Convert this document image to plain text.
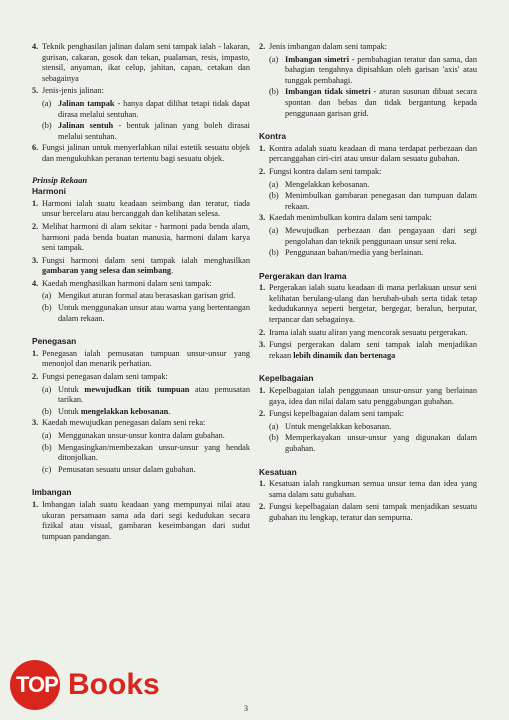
4. Teknik penghasilan jalinan dalam seni tampak ialah - lakaran, gurisan, cakaran, gosok dan tekan, pualaman, resis, impasto, stensil, anyaman, ikat celup, jahitan, capan, cetakan dan sebagainya
5. Jenis-jenis jalinan:
(a) Jalinan tampak - hanya dapat dilihat tetapi tidak dapat dirasa melalui sentuhan.
(b) Jalinan sentuh - bentuk jalinan yang boleh dirasai melalui sentuhan.
6. Fungsi jalinan untuk menyerlahkan nilai estetik sesuatu objek dan mengukuhkan peranan tertentu bagi sesuatu objek.
Prinsip Rekaan
Harmoni
1. Harmoni ialah suatu keadaan seimbang dan teratur, tiada unsur bercelaru atau bercanggah dan kelihatan selesa.
2. Melihat harmoni di alam sekitar - harmoni pada benda alam, harmoni pada benda buatan manusia, harmoni dalam karya seni tampak.
3. Fungsi harmoni dalam seni tampak ialah menghasilkan gambaran yang selesa dan seimbang.
4. Kaedah menghasilkan harmoni dalam seni tampak:
(a) Mengikut aturan formal atau berasaskan garisan grid.
(b) Untuk menggunakan unsur atau warna yang bertentangan dalam rekaan.
Penegasan
1. Penegasan ialah pemusatan tumpuan unsur-unsur yang menonjol dan menarik perhatian.
2. Fungsi penegasan dalam seni tampak:
(a) Untuk mewujudkan titik tumpuan atau pemusatan tarikan.
(b) Untuk mengelakkan kebosanan.
3. Kaedah mewujudkan penegasan dalam seni reka:
(a) Menggunakan unsur-unsur kontra dalam gubahan.
(b) Mengasingkan/membezakan unsur-unsur yang hendak ditonjolkan.
(c) Pemusatan sesuatu unsur dalam gubahan.
Imbangan
1. Imbangan ialah suatu keadaan yang mempunyai nilai atau ukuran persamaan sama ada dari segi kedudukan secara fizikal atau visual, gambaran keseimbangan dari sudut tumpuan pandangan.
2. Jenis imbangan dalam seni tampak:
(a) Imbangan simetri - pembahagian teratur dan sama, dan bahagian tengahnya dipisahkan oleh garisan 'axis' atau tunggak pembahagi.
(b) Imbangan tidak simetri - aturan susunan dibuat secara spontan dan bebas dan tidak bergantung kepada penggunaan garisan grid.
Kontra
1. Kontra adalah suatu keadaan di mana terdapat perbezaan dan percanggahan ciri-ciri atau unsur dalam sesuatu gubahan.
2. Fungsi kontra dalam seni tampak:
(a) Mengelakkan kebosanan.
(b) Menimbulkan gambaran penegasan dan tumpuan dalam rekaan.
3. Kaedah menimbulkan kontra dalam seni tampak:
(a) Mewujudkan perbezaan dan pengayaan dari segi pengolahan dan teknik penggunaan unsur seni reka.
(b) Penggunaan bahan/media yang berlainan.
Pergerakan dan Irama
1. Pergerakan ialah suatu keadaan di mana perlakuan unsur seni kelihatan berulang-ulang dan berubah-ubah serta tidak tetap kedudukannya seperti bergetar, bergegar, beralun, berputar, terpancar dan sebagainya.
2. Irama ialah suatu aliran yang mencorak sesuatu pergerakan.
3. Fungsi pergerakan dalam seni tampak ialah menjadikan rekaan lebih dinamik dan bertenaga
Kepelbagaian
1. Kepelbagaian ialah penggunaan unsur-unsur yang berlainan gaya, idea dan nilai dalam satu penggabungan gubahan.
2. Fungsi kepelbagaian dalam seni tampak:
(a) Untuk mengelakkan kebosanan.
(b) Memperkayakan unsur-unsur yang digunakan dalam gubahan.
Kesatuan
1. Kesatuan ialah rangkuman semua unsur tema dan idea yang sama dalam satu gubahan.
2. Fungsi kepelbagaian dalam seni tampak menjadikan sesuatu gubahan itu lengkap, teratur dan sempurna.
TOP Books
3
